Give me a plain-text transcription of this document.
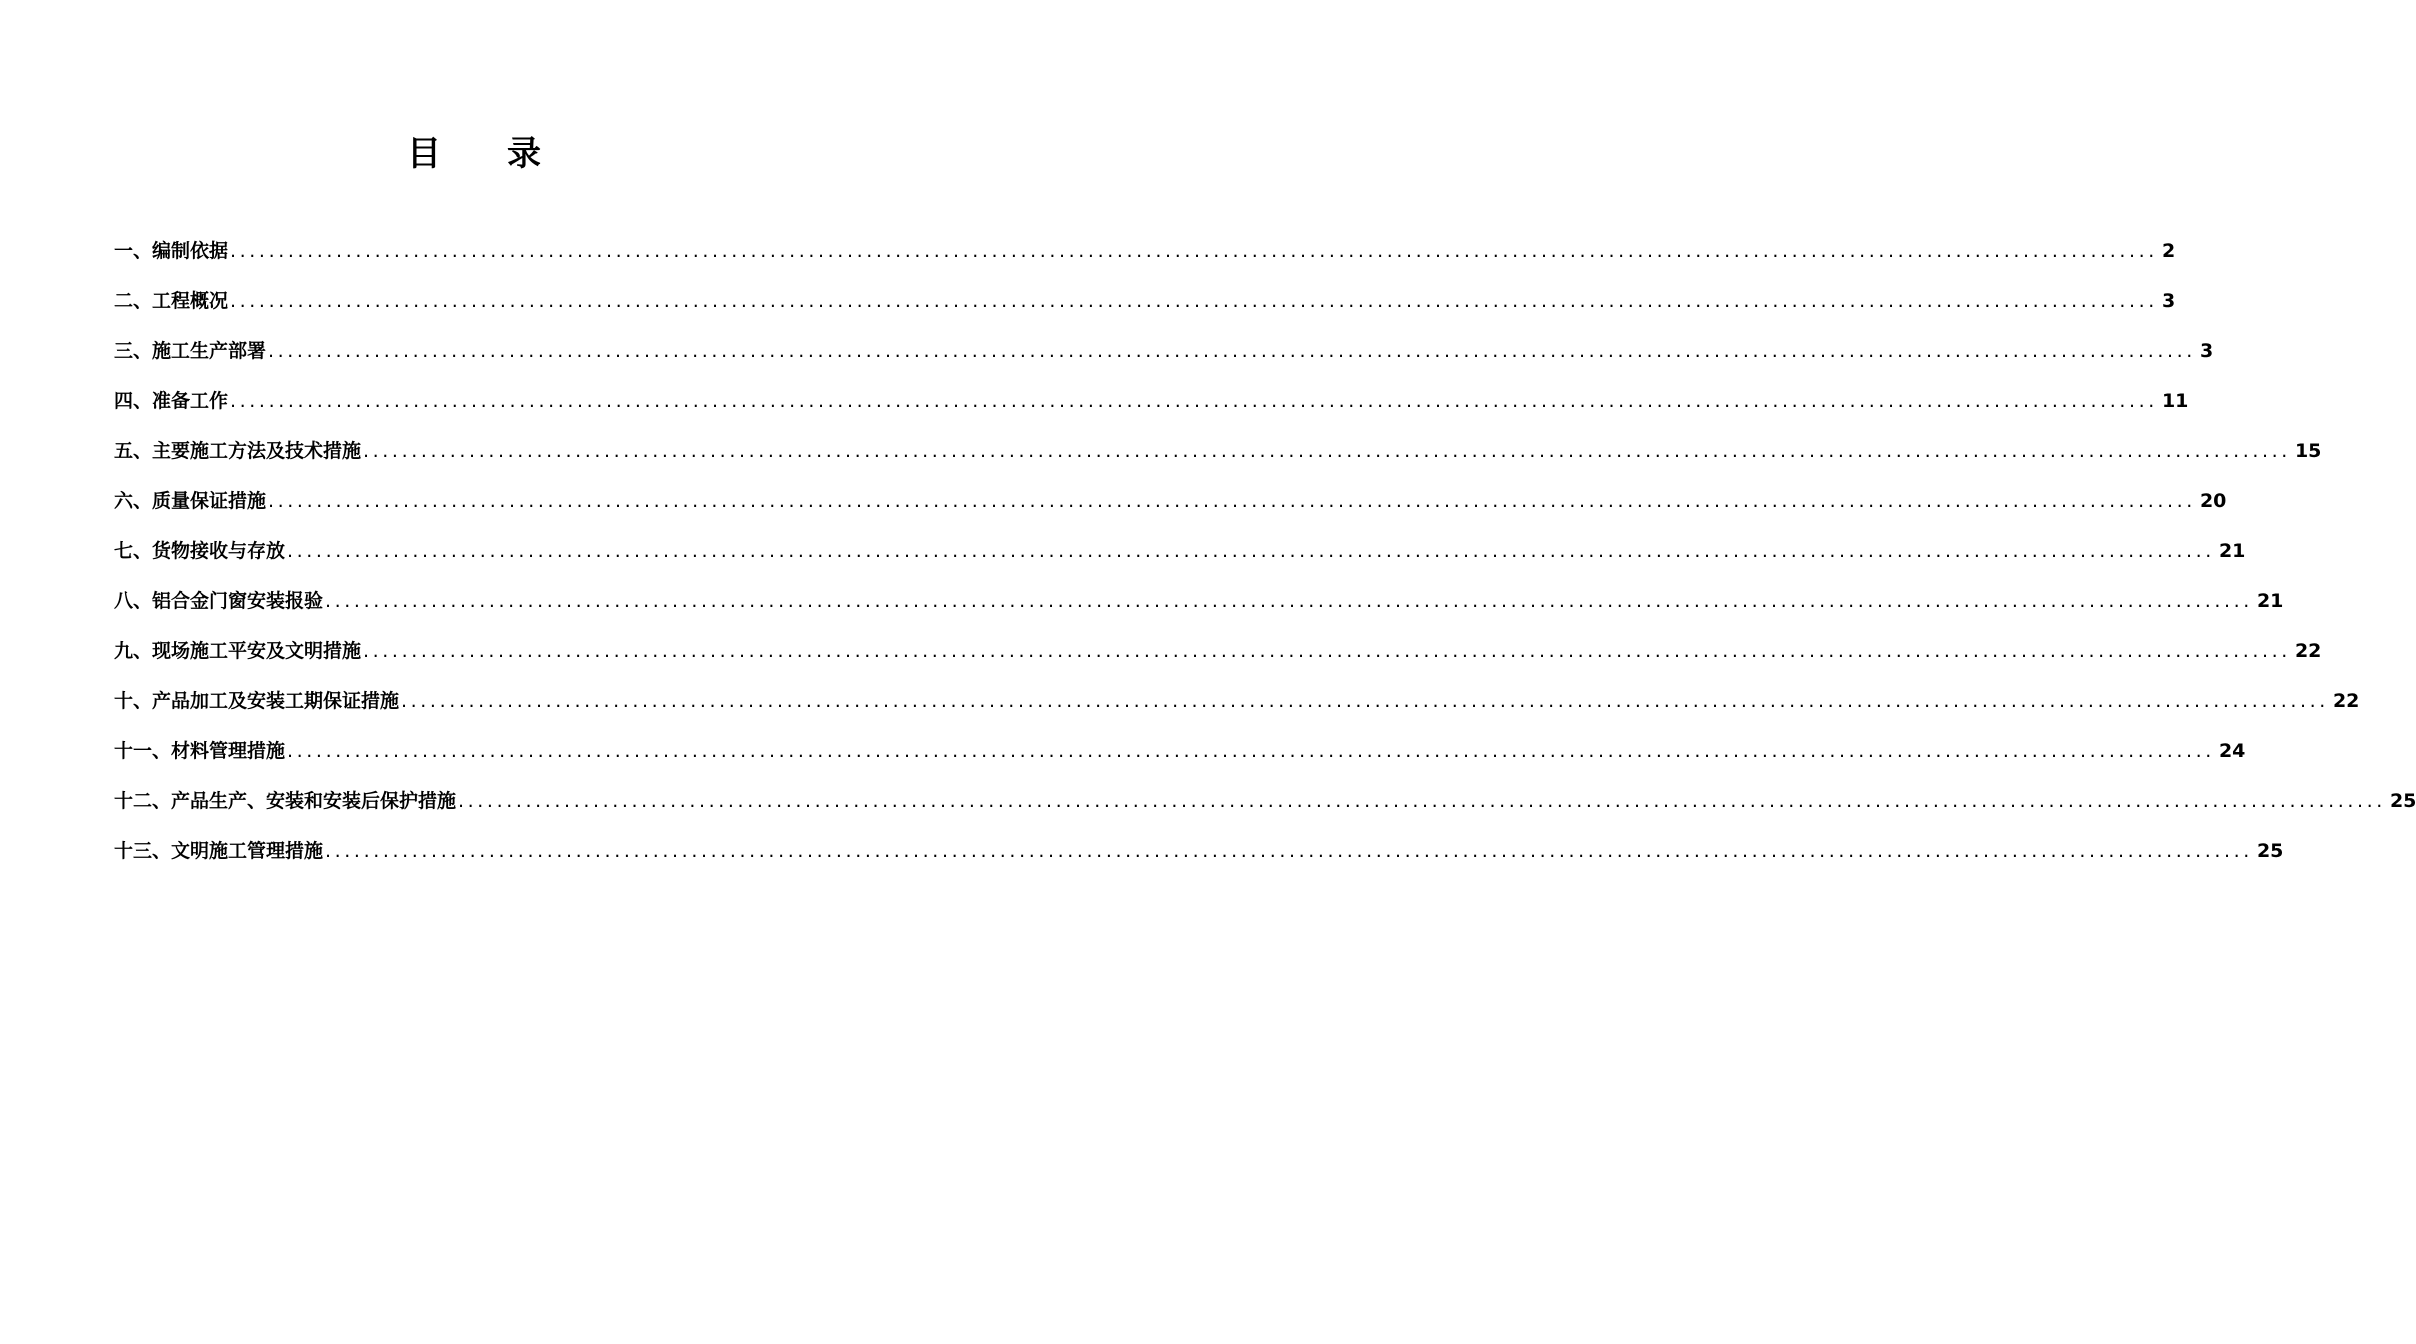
目 录
一、编制依据 ........................................................................................................................................................................................................ 2
二、工程概况 ........................................................................................................................................................................................................ 3
三、施工生产部署 ........................................................................................................................................................................................................ 3
四、准备工作 ........................................................................................................................................................................................................ 11
五、主要施工方法及技术措施 ........................................................................................................................................................................................................ 15
六、质量保证措施 ........................................................................................................................................................................................................ 20
七、货物接收与存放 ........................................................................................................................................................................................................ 21
八、铝合金门窗安装报验 ........................................................................................................................................................................................................ 21
九、现场施工平安及文明措施 ........................................................................................................................................................................................................ 22
十、产品加工及安装工期保证措施 ........................................................................................................................................................................................................ 22
十一、材料管理措施 ........................................................................................................................................................................................................ 24
十二、产品生产、安装和安装后保护措施 ........................................................................................................................................................................................................ 25
十三、文明施工管理措施 ........................................................................................................................................................................................................ 25
